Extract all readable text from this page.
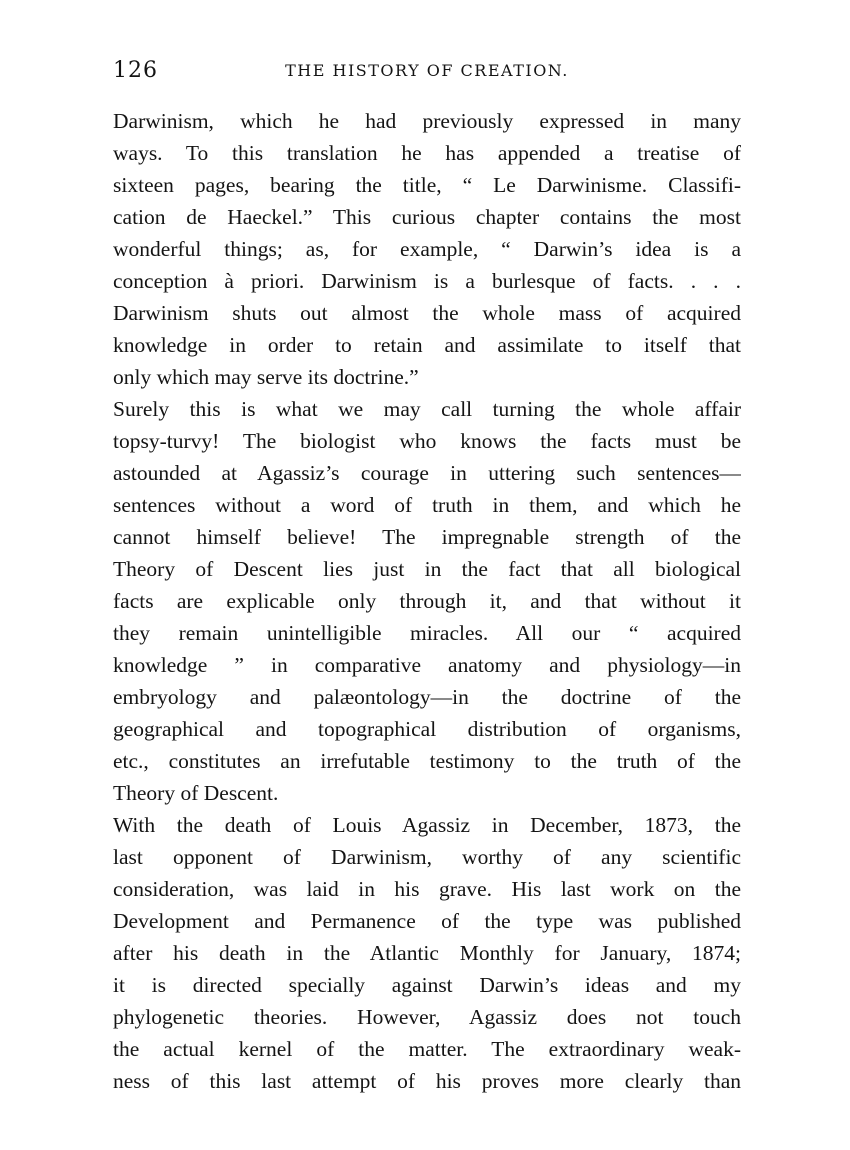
126	THE HISTORY OF CREATION.
Darwinism, which he had previously expressed in many
ways. To this translation he has appended a treatise of
sixteen pages, bearing the title, “ Le Darwinisme. Classifi-
cation de Haeckel.” This curious chapter contains the most
wonderful things; as, for example, “ Darwin’s idea is a
conception à priori. Darwinism is a burlesque of facts. . . .
Darwinism shuts out almost the whole mass of acquired
knowledge in order to retain and assimilate to itself that
only which may serve its doctrine.”
Surely this is what we may call turning the whole affair
topsy-turvy! The biologist who knows the facts must be
astounded at Agassiz’s courage in uttering such sentences—
sentences without a word of truth in them, and which he
cannot himself believe! The impregnable strength of the
Theory of Descent lies just in the fact that all biological
facts are explicable only through it, and that without it
they remain unintelligible miracles. All our “ acquired
knowledge ” in comparative anatomy and physiology—in
embryology and palæontology—in the doctrine of the
geographical and topographical distribution of organisms,
etc., constitutes an irrefutable testimony to the truth of the
Theory of Descent.
With the death of Louis Agassiz in December, 1873, the
last opponent of Darwinism, worthy of any scientific
consideration, was laid in his grave. His last work on the
Development and Permanence of the type was published
after his death in the Atlantic Monthly for January, 1874;
it is directed specially against Darwin’s ideas and my
phylogenetic theories. However, Agassiz does not touch
the actual kernel of the matter. The extraordinary weak-
ness of this last attempt of his proves more clearly than
